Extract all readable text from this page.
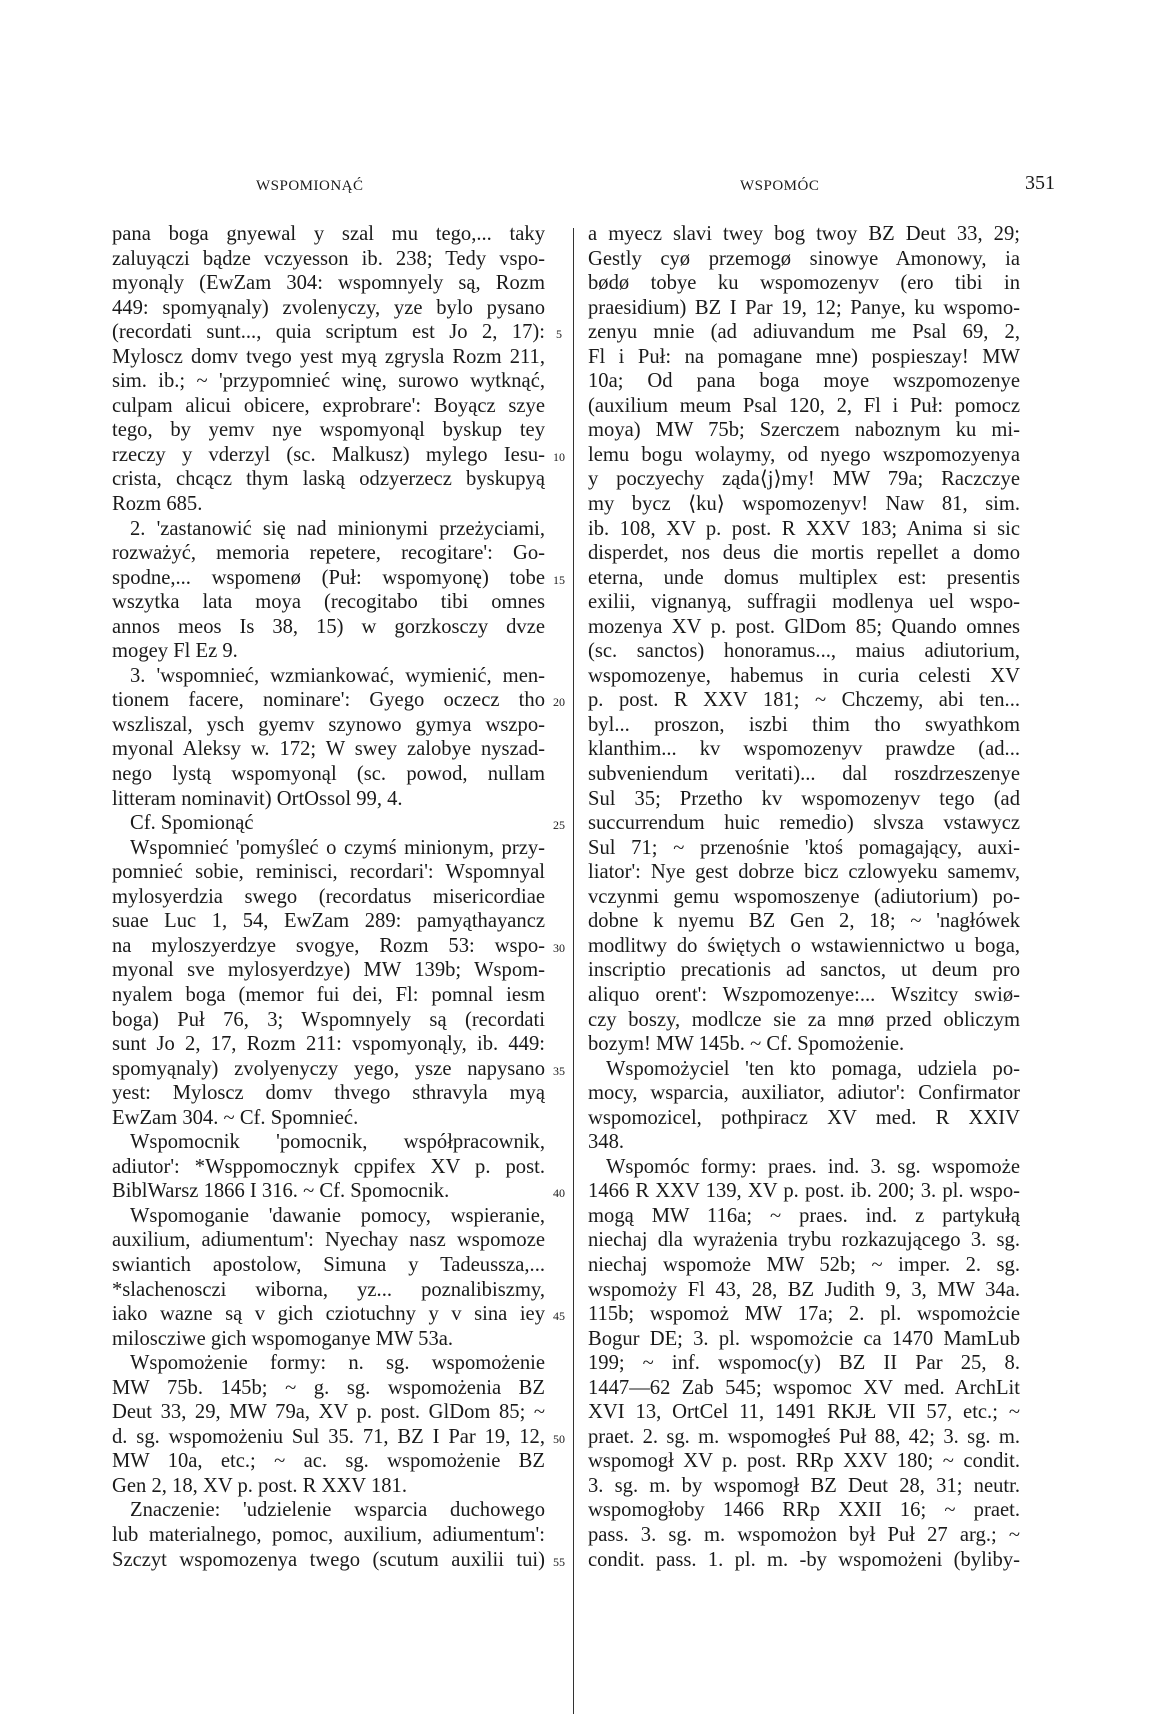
WSPOMIONĄĆ	WSPOMÓC	351
pana boga gnyewal y szal mu tego,... taky
zaluyączi bądze vczyesson ib. 238; Tedy vspo-
myonąly (EwZam 304: wspomnyely są, Rozm
449: spomyąnaly) zvolenyczy, yze bylo pysano
(recordati sunt..., quia scriptum est Jo 2, 17):
Myloscz domv tvego yest myą zgrysla Rozm 211,
sim. ib.; ~ 'przypomnieć winę, surowo wytknąć,
culpam alicui obicere, exprobrare': Boyącz szye
tego, by yemv nye wspomyonąl byskup tey
rzeczy y vderzyl (sc. Malkusz) mylego Iesu-
crista, chcącz thym laską odzyerzecz byskupyą
Rozm 685.
2. 'zastanowić się nad minionymi przeżyciami,
rozważyć, memoria repetere, recogitare': Go-
spodne,... wspomenø (Puł: wspomyonę) tobe
wszytka lata moya (recogitabo tibi omnes
annos meos Is 38, 15) w gorzkosczy dvze
mogey Fl Ez 9.
3. 'wspomnieć, wzmiankować, wymienić, men-
tionem facere, nominare': Gyego oczecz tho
wszliszal, ysch gyemv szynowo gymya wszpo-
myonal Aleksy w. 172; W swey zalobye nyszad-
nego lystą wspomyonąl (sc. powod, nullam
litteram nominavit) OrtOssol 99, 4.
Cf. Spomionąć
Wspomnieć 'pomyśleć o czymś minionym, przy-
pomnieć sobie, reminisci, recordari': Wspomnyal
mylosyerdzia swego (recordatus misericordiae
suae Luc 1, 54, EwZam 289: pamyąthayancz
na myloszyerdzye svogye, Rozm 53: wspo-
myonal sve mylosyerdzye) MW 139b; Wspom-
nyalem boga (memor fui dei, Fl: pomnal iesm
boga) Puł 76, 3; Wspomnyely są (recordati
sunt Jo 2, 17, Rozm 211: vspomyonąly, ib. 449:
spomyąnaly) zvolyenyczy yego, ysze napysano
yest: Myloscz domv thvego sthravyla myą
EwZam 304. ~ Cf. Spomnieć.
Wspomocnik 'pomocnik, współpracownik,
adiutor': *Wsppomocznyk cppifex XV p. post.
BiblWarsz 1866 I 316. ~ Cf. Spomocnik.
Wspomoganie 'dawanie pomocy, wspieranie,
auxilium, adiumentum': Nyechay nasz wspomoze
swiantich apostolow, Simuna y Tadeussza,...
*slachenosczi wiborna, yz... poznalibiszmy,
iako wazne są v gich cziotuchny y v sina iey
milosczіwe gich wspomoganye MW 53a.
Wspomożenie formy: n. sg. wspomożenie
MW 75b. 145b; ~ g. sg. wspomożenia BZ
Deut 33, 29, MW 79a, XV p. post. GlDom 85; ~
d. sg. wspomożeniu Sul 35. 71, BZ I Par 19, 12,
MW 10a, etc.; ~ ac. sg. wspomożenie BZ
Gen 2, 18, XV p. post. R XXV 181.
Znaczenie: 'udzielenie wsparcia duchowego
lub materialnego, pomoc, auxilium, adiumentum':
Szczyt wspomozenya twego (scutum auxilii tui)
5
10
15
20
25
30
35
40
45
50
55
a myecz slavi twey bog twoy BZ Deut 33, 29;
Gestly cyø przemogø sinowye Amonowy, ia
bødø tobye ku wspomozenyv (ero tibi in
praesidium) BZ I Par 19, 12; Panye, ku wspomo-
zenyu mnie (ad adiuvandum me Psal 69, 2,
Fl i Puł: na pomagane mne) pospieszay! MW
10a; Od pana boga moye wszpomozenye
(auxilium meum Psal 120, 2, Fl i Puł: pomocz
moya) MW 75b; Szerczem naboznym ku mi-
lemu bogu wolaymy, od nyego wszpomozyenya
y poczyechy ząda⟨j⟩my! MW 79a; Raczczye
my bycz ⟨ku⟩ wspomozenyv! Naw 81, sim.
ib. 108, XV p. post. R XXV 183; Anima si sic
disperdet, nos deus die mortis repellet a domo
eterna, unde domus multiplex est: presentis
exilii, vignanyą, suffragii modlenya uel wspo-
mozenya XV p. post. GlDom 85; Quando omnes
(sc. sanctos) honoramus..., maius adiutorium,
wspomozenye, habemus in curia celesti XV
p. post. R XXV 181; ~ Chczemy, abi ten...
byl... proszon, iszbi thim tho swyathkom
klanthim... kv wspomozenyv prawdze (ad...
subveniendum veritati)... dal roszdrzeszenye
Sul 35; Przetho kv wspomozenyv tego (ad
succurrendum huic remedio) slvsza vstawycz
Sul 71; ~ przenośnie 'ktoś pomagający, auxi-
liator': Nye gest dobrze bicz czlowyeku samemv,
vczynmi gemu wspomoszenye (adiutorium) po-
dobne k nyemu BZ Gen 2, 18; ~ 'nagłówek
modlitwy do świętych o wstawiennictwo u boga,
inscriptio precationis ad sanctos, ut deum pro
aliquo orent': Wszpomozenye:... Wszitcy swiø-
czy boszy, modlcze sie za mnø przed obliczym
bozym! MW 145b. ~ Cf. Spomożenie.
Wspomożyciel 'ten kto pomaga, udziela po-
mocy, wsparcia, auxiliator, adiutor': Confirmator
wspomozicel, pothpiracz XV med. R XXIV
348.
Wspomóc formy: praes. ind. 3. sg. wspomoże
1466 R XXV 139, XV p. post. ib. 200; 3. pl. wspo-
mogą MW 116a; ~ praes. ind. z partykułą
niechaj dla wyrażenia trybu rozkazującego 3. sg.
niechaj wspomoże MW 52b; ~ imper. 2. sg.
wspomoży Fl 43, 28, BZ Judith 9, 3, MW 34a.
115b; wspomoż MW 17a; 2. pl. wspomożcie
Bogur DE; 3. pl. wspomożcie ca 1470 MamLub
199; ~ inf. wspomoc(y) BZ II Par 25, 8.
1447—62 Zab 545; wspomoc XV med. ArchLit
XVI 13, OrtCel 11, 1491 RKJŁ VII 57, etc.; ~
praet. 2. sg. m. wspomogłeś Puł 88, 42; 3. sg. m.
wspomogł XV p. post. RRp XXV 180; ~ condit.
3. sg. m. by wspomogł BZ Deut 28, 31; neutr.
wspomogłoby 1466 RRp XXII 16; ~ praet.
pass. 3. sg. m. wspomożon był Puł 27 arg.; ~
condit. pass. 1. pl. m. -by wspomożeni (byliby-
